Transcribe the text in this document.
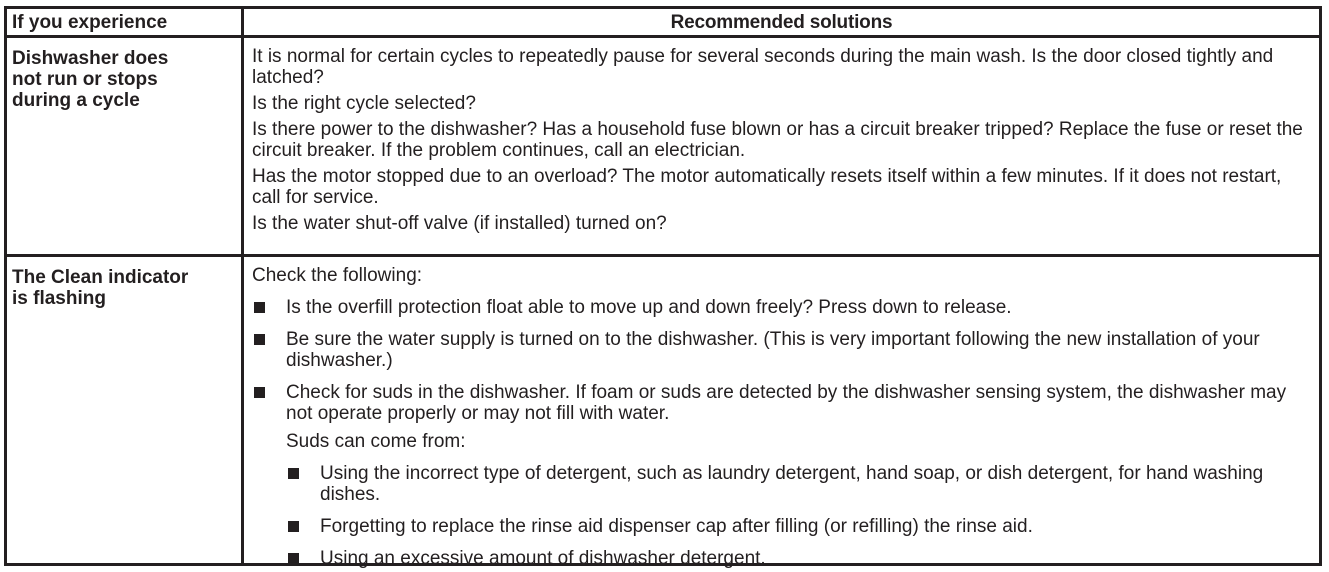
If you experience	Recommended solutions
Dishwasher does
not run or stops
during a cycle

It is normal for certain cycles to repeatedly pause for several seconds during the main wash. Is the door closed tightly and latched?

Is the right cycle selected?

Is there power to the dishwasher? Has a household fuse blown or has a circuit breaker tripped? Replace the fuse or reset the circuit breaker. If the problem continues, call an electrician.

Has the motor stopped due to an overload? The motor automatically resets itself within a few minutes. If it does not restart, call for service.

Is the water shut-off valve (if installed) turned on?

The Clean indicator
is flashing

Check the following:

Is the overfill protection float able to move up and down freely? Press down to release.
Be sure the water supply is turned on to the dishwasher. (This is very important following the new installation of your dishwasher.)
Check for suds in the dishwasher. If foam or suds are detected by the dishwasher sensing system, the dishwasher may not operate properly or may not fill with water.
Suds can come from:
Using the incorrect type of detergent, such as laundry detergent, hand soap, or dish detergent, for hand washing dishes.
Forgetting to replace the rinse aid dispenser cap after filling (or refilling) the rinse aid.
Using an excessive amount of dishwasher detergent.
